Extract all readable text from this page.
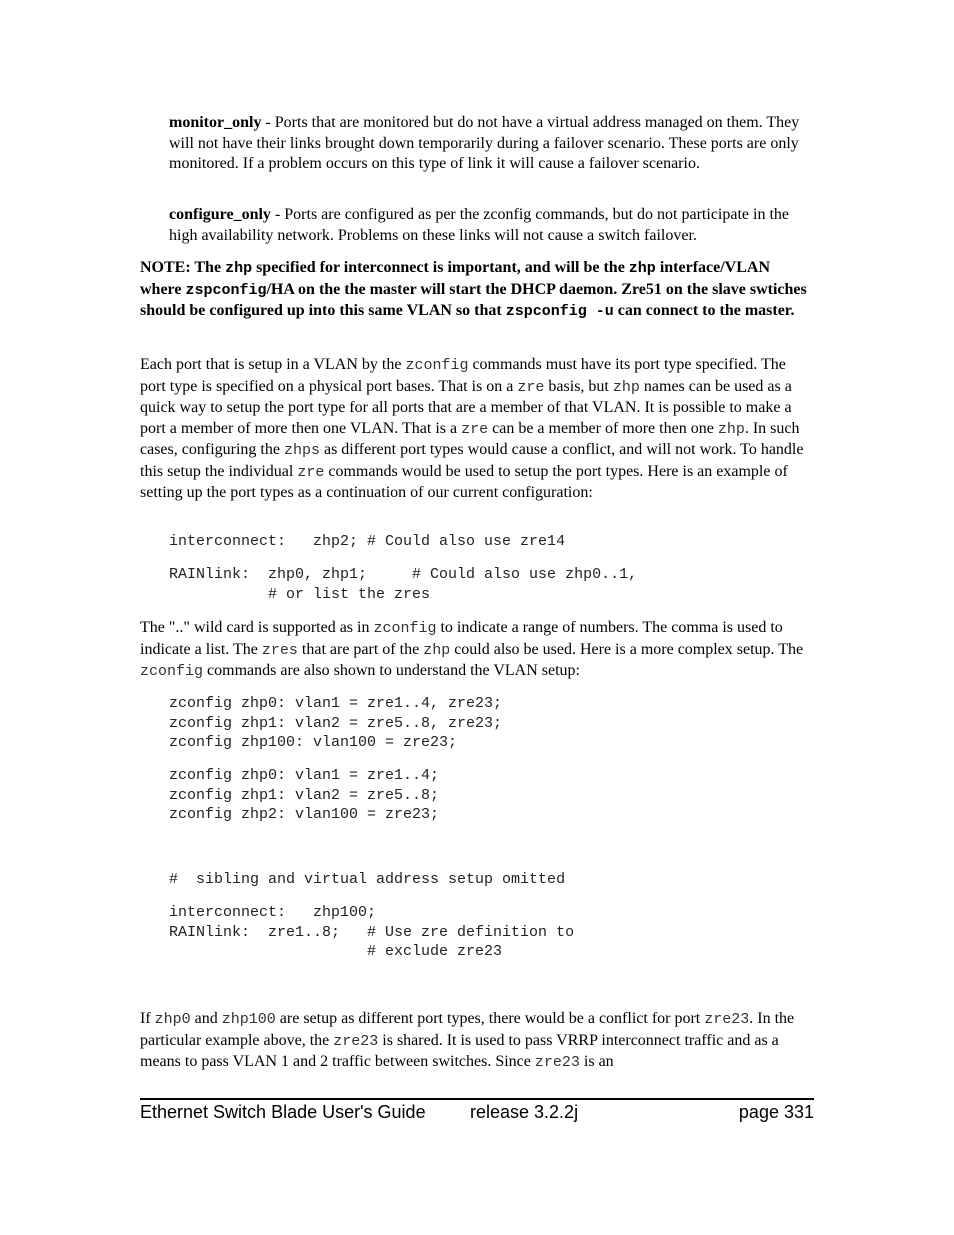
monitor_only - Ports that are monitored but do not have a virtual address managed on them. They will not have their links brought down temporarily during a failover scenario. These ports are only monitored. If a problem occurs on this type of link it will cause a failover scenario.

configure_only - Ports are configured as per the zconfig commands, but do not participate in the high availability network. Problems on these links will not cause a switch failover.

NOTE: The zhp specified for interconnect is important, and will be the zhp interface/VLAN where zspconfig/HA on the the master will start the DHCP daemon. Zre51 on the slave swtiches should be configured up into this same VLAN so that zspconfig -u can connect to the master.

Each port that is setup in a VLAN by the zconfig commands must have its port type specified. The port type is specified on a physical port bases. That is on a zre basis, but zhp names can be used as a quick way to setup the port type for all ports that are a member of that VLAN. It is possible to make a port a member of more then one VLAN. That is a zre can be a member of more then one zhp. In such cases, configuring the zhps as different port types would cause a conflict, and will not work. To handle this setup the individual zre commands would be used to setup the port types. Here is an example of setting up the port types as a continuation of our current configuration:

interconnect:   zhp2; # Could also use zre14
RAINlink:  zhp0, zhp1;     # Could also use zhp0..1,
# or list the zres

The ".." wild card is supported as in zconfig to indicate a range of numbers. The comma is used to indicate a list. The zres that are part of the zhp could also be used. Here is a more complex setup. The zconfig commands are also shown to understand the VLAN setup:

zconfig zhp0: vlan1 = zre1..4, zre23;
zconfig zhp1: vlan2 = zre5..8, zre23;
zconfig zhp100: vlan100 = zre23;
zconfig zhp0: vlan1 = zre1..4;
zconfig zhp1: vlan2 = zre5..8;
zconfig zhp2: vlan100 = zre23;
#  sibling and virtual address setup omitted
interconnect:   zhp100;
RAINlink:  zre1..8;   # Use zre definition to
# exclude zre23

If zhp0 and zhp100 are setup as different port types, there would be a conflict for port zre23. In the particular example above, the zre23 is shared. It is used to pass VRRP interconnect traffic and as a means to pass VLAN 1 and 2 traffic between switches. Since zre23 is an

Ethernet Switch Blade User's Guide release 3.2.2j	page 331
